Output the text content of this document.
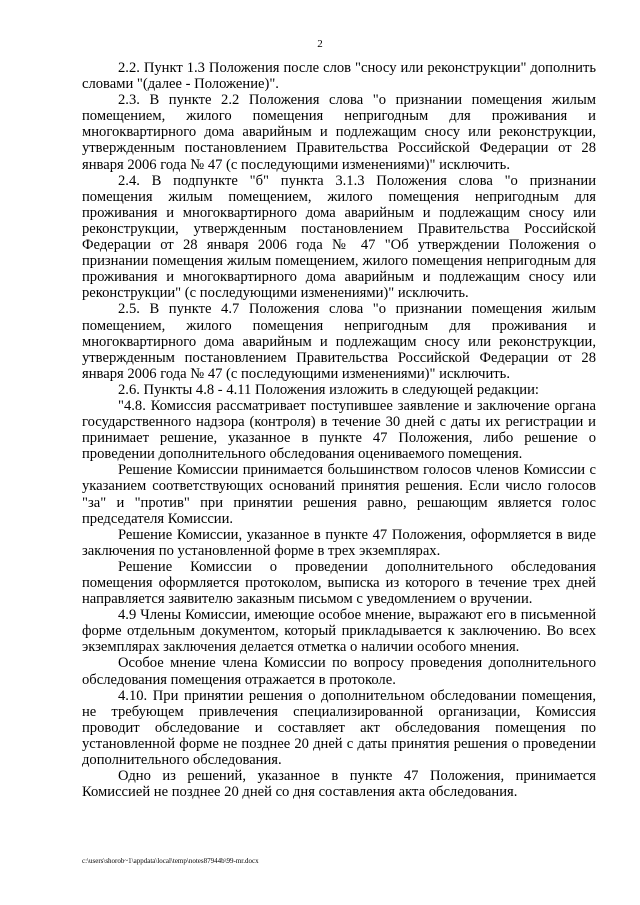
2

2.2. Пункт 1.3 Положения после слов "сносу или реконструкции" дополнить словами "(далее - Положение)".

2.3. В пункте 2.2 Положения слова "о признании помещения жилым помещением, жилого помещения непригодным для проживания и многоквартирного дома аварийным и подлежащим сносу или реконструкции, утвержденным постановлением Правительства Российской Федерации от 28 января 2006 года № 47 (с последующими изменениями)" исключить.

2.4. В подпункте "б" пункта 3.1.3 Положения слова "о признании помещения жилым помещением, жилого помещения непригодным для проживания и многоквартирного дома аварийным и подлежащим сносу или реконструкции, утвержденным постановлением Правительства Российской Федерации от 28 января 2006 года № 47 "Об утверждении Положения о признании помещения жилым помещением, жилого помещения непригодным для проживания и многоквартирного дома аварийным и подлежащим сносу или реконструкции" (с последующими изменениями)" исключить.

2.5. В пункте 4.7 Положения слова "о признании помещения жилым помещением, жилого помещения непригодным для проживания и многоквартирного дома аварийным и подлежащим сносу или реконструкции, утвержденным постановлением Правительства Российской Федерации от 28 января 2006 года № 47 (с последующими изменениями)" исключить.

2.6. Пункты 4.8 - 4.11 Положения изложить в следующей редакции:

"4.8. Комиссия рассматривает поступившее заявление и заключение органа государственного надзора (контроля) в течение 30 дней с даты их регистрации и принимает решение, указанное в пункте 47 Положения, либо решение о проведении дополнительного обследования оцениваемого помещения.

Решение Комиссии принимается большинством голосов членов Комиссии с указанием соответствующих оснований принятия решения. Если число голосов "за" и "против" при принятии решения равно, решающим является голос председателя Комиссии.

Решение Комиссии, указанное в пункте 47 Положения, оформляется в виде заключения по установленной форме в трех экземплярах.

Решение Комиссии о проведении дополнительного обследования помещения оформляется протоколом, выписка из которого в течение трех дней направляется заявителю заказным письмом с уведомлением о вручении.

4.9 Члены Комиссии, имеющие особое мнение, выражают его в письменной форме отдельным документом, который прикладывается к заключению. Во всех экземплярах заключения делается отметка о наличии особого мнения.

Особое мнение члена Комиссии по вопросу проведения дополнительного обследования помещения отражается в протоколе.

4.10. При принятии решения о дополнительном обследовании помещения, не требующем привлечения специализированной организации, Комиссия проводит обследование и составляет акт обследования помещения по установленной форме не позднее 20 дней с даты принятия решения о проведении дополнительного обследования.

Одно из решений, указанное в пункте 47 Положения, принимается Комиссией не позднее 20 дней со дня составления акта обследования.

c:\users\shorob~1\appdata\local\temp\notes87944b\99-mr.docx
